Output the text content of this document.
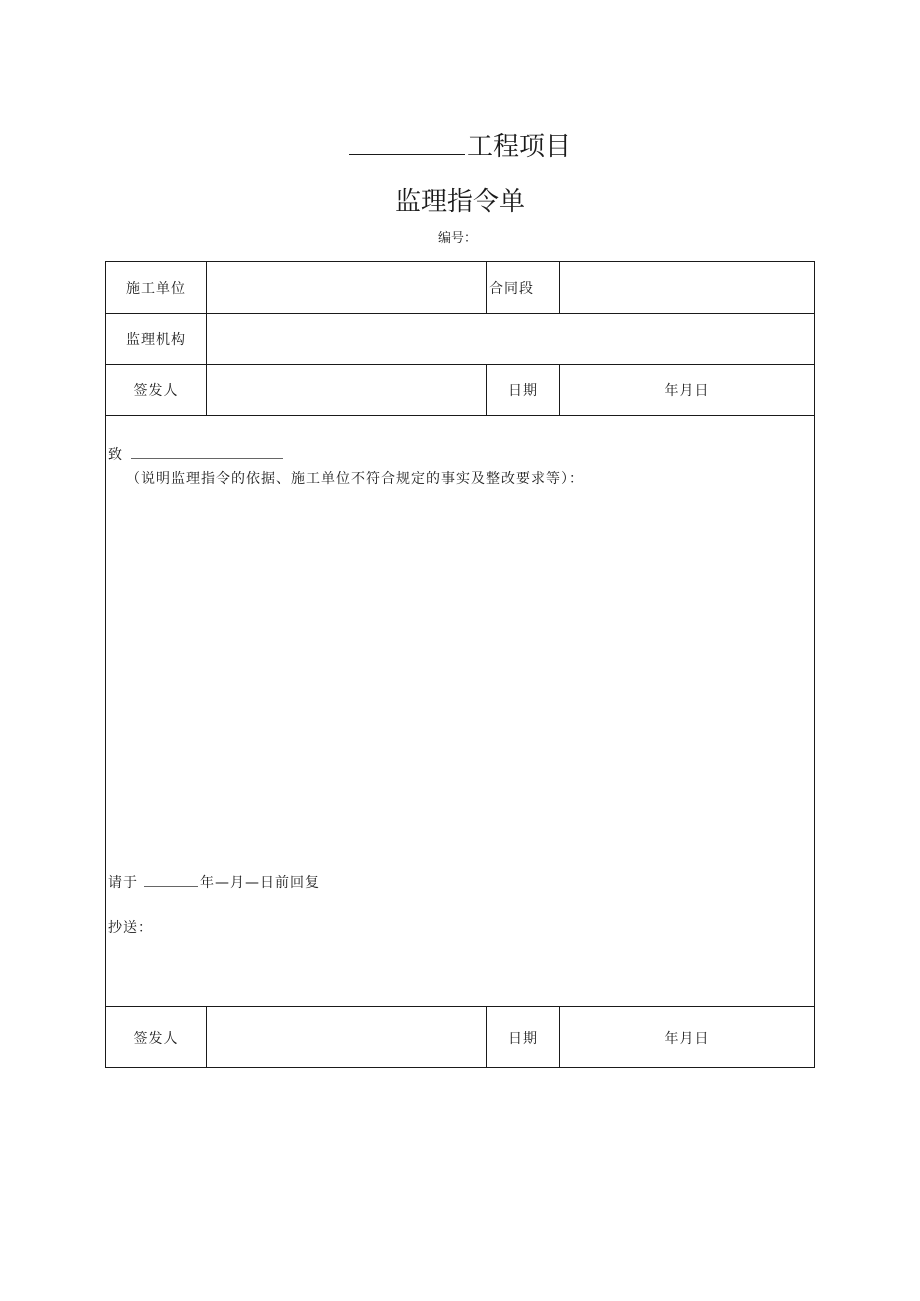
工程项目
监理指令单
编号：
施工单位	合同段
监理机构
签发人	日期	年月日
致
（说明监理指令的依据、施工单位不符合规定的事实及整改要求等）：
请于	年—月—日前回复
抄送：
签发人	日期	年月日
